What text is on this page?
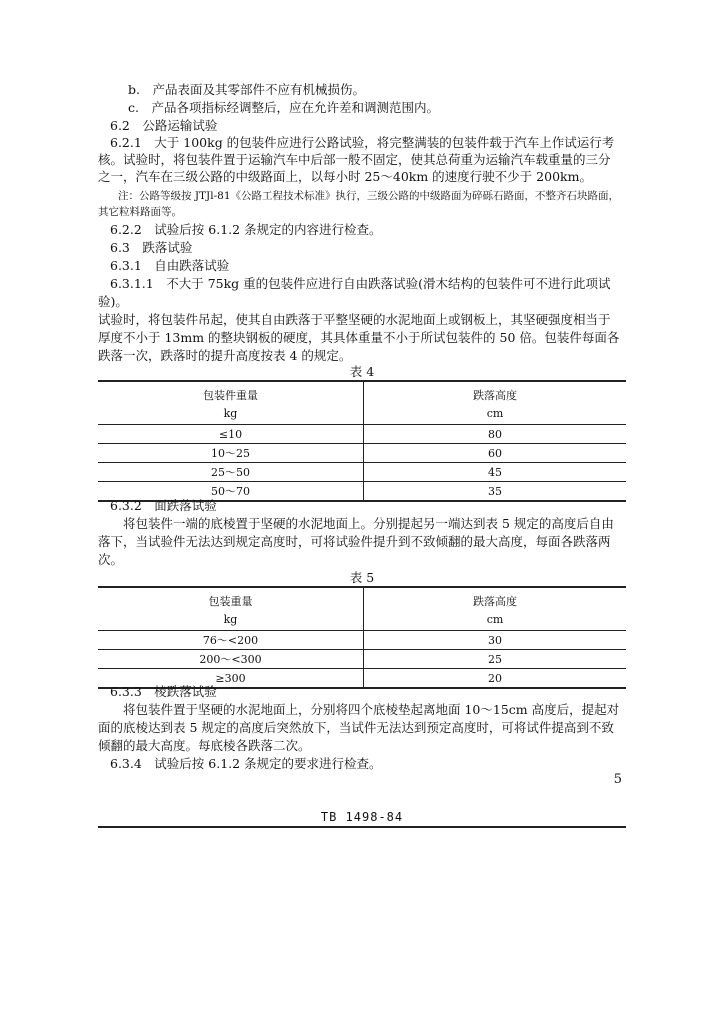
b.　产品表面及其零部件不应有机械损伤。
c.　产品各项指标经调整后，应在允许差和调测范围内。
6.2　公路运输试验
6.2.1　大于 100kg 的包装件应进行公路试验，将完整满装的包装件载于汽车上作试运行考
核。试验时，将包装件置于运输汽车中后部一般不固定，使其总荷重为运输汽车载重量的三分
之一，汽车在三级公路的中级路面上，以每小时 25～40km 的速度行驶不少于 200km。
注：公路等级按 JTJl-81《公路工程技术标准》执行，三级公路的中级路面为碎砾石路面，不整齐石块路面，
其它粒料路面等。
6.2.2　试验后按 6.1.2 条规定的内容进行检查。
6.3　跌落试验
6.3.1　自由跌落试验
6.3.1.1　不大于 75kg 重的包装件应进行自由跌落试验(滑木结构的包装件可不进行此项试
验)。
试验时，将包装件吊起，使其自由跌落于平整坚硬的水泥地面上或钢板上，其坚硬强度相当于
厚度不小于 13mm 的整块钢板的硬度，其具体重量不小于所试包装件的 50 倍。包装件每面各
跌落一次，跌落时的提升高度按表 4 的规定。
表 4
包装件重量	跌落高度
kg	cm
≤10	80
10～25	60
25～50	45
50～70	35
6.3.2　面跌落试验
　　将包装件一端的底棱置于坚硬的水泥地面上。分别提起另一端达到表 5 规定的高度后自由
落下，当试验件无法达到规定高度时，可将试验件提升到不致倾翻的最大高度，每面各跌落两
次。
表 5
包装重量	跌落高度
kg	cm
76～<200	30
200～<300	25
≥300	20
6.3.3　棱跌落试验
　　将包装件置于坚硬的水泥地面上，分别将四个底棱垫起离地面 10～15cm 高度后，提起对
面的底棱达到表 5 规定的高度后突然放下，当试件无法达到预定高度时，可将试件提高到不致
倾翻的最大高度。每底棱各跌落二次。
6.3.4　试验后按 6.1.2 条规定的要求进行检查。
5
TB 1498-84
